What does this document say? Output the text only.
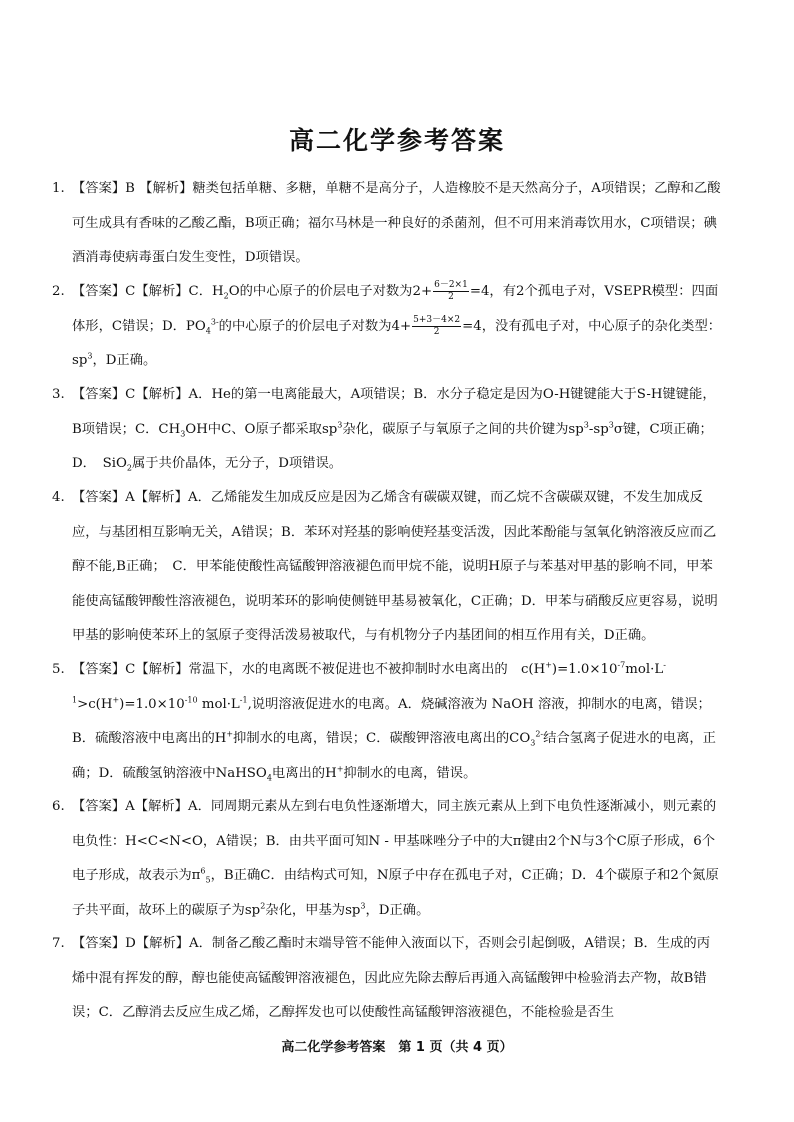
高二化学参考答案
1. 【答案】B 【解析】糖类包括单糖、多糖，单糖不是高分子，人造橡胶不是天然高分子，A项错误；乙醇和乙酸可生成具有香味的乙酸乙酯，B项正确；福尔马林是一种良好的杀菌剂，但不可用来消毒饮用水，C项错误；碘酒消毒使病毒蛋白发生变性，D项错误。
2. 【答案】C【解析】C．$H_2O$的中心原子的价层电子对数为$2+ \frac{6-2\times 1}{2} =4$，有2个孤电子对，VSEPR模型：四面体形，C错误；D．$PO_4^{3-}$的中心原子的价层电子对数为$4+ \frac{5+3-4\times 2}{2} =4$，没有孤电子对，中心原子的杂化类型：$sp^3$，D正确。
3. 【答案】C【解析】A．He的第一电离能最大，A项错误；B．水分子稳定是因为O-H键键能大于S-H键键能，B项错误；C．$CH_3OH$中C、O原子都采取$sp^3$杂化，碳原子与氧原子之间的共价键为$sp^3-sp^3\sigma$键，C项正确；D．　SiO$_2$属于共价晶体，无分子，D项错误。
4. 【答案】A【解析】A．乙烯能发生加成反应是因为乙烯含有碳碳双键，而乙烷不含碳碳双键，不发生加成反应，与基团相互影响无关，A错误；B．苯环对羟基的影响使羟基变活泼，因此苯酚能与氢氧化钠溶液反应而乙醇不能,B正确；　C．甲苯能使酸性高锰酸钾溶液褪色而甲烷不能，说明H原子与苯基对甲基的影响不同，甲苯能使高锰酸钾酸性溶液褪色，说明苯环的影响使侧链甲基易被氧化，C正确；D．甲苯与硝酸反应更容易，说明甲基的影响使苯环上的氢原子变得活泼易被取代，与有机物分子内基团间的相互作用有关，D正确。
5. 【答案】C【解析】常温下，水的电离既不被促进也不被抑制时水电离出的　$c(H^+)=1.0\times 10^{-7}mol\cdot L^{-1}>c(H^+)=1.0\times 10^{-10}$ $mol\cdot L^{-1}$,说明溶液促进水的电离。A．烧碱溶液为 NaOH 溶液，抑制水的电离，错误；B．硫酸溶液中电离出的H+抑制水的电离，错误；C．碳酸钾溶液电离出的$CO_3^{2-}$结合氢离子促进水的电离，正确；D．硫酸氢钠溶液中NaHSO$_4$电离出的H+抑制水的电离，错误。
6. 【答案】A【解析】A．同周期元素从左到右电负性逐渐增大，同主族元素从上到下电负性逐渐减小，则元素的电负性：H<C<N<O，A错误；B．由共平面可知N - 甲基咪唑分子中的大π键由2个N与3个C原子形成，6个电子形成，故表示为$\pi^6_5$，B正确C．由结构式可知，N原子中存在孤电子对，C正确；D．4个碳原子和2个氮原子共平面，故环上的碳原子为$sp^2$杂化，甲基为$sp^3$，D正确。
7. 【答案】D【解析】A．制备乙酸乙酯时末端导管不能伸入液面以下，否则会引起倒吸，A错误；B．生成的丙烯中混有挥发的醇，醇也能使高锰酸钾溶液褪色，因此应先除去醇后再通入高锰酸钾中检验消去产物，故B错误；C．乙醇消去反应生成乙烯，乙醇挥发也可以使酸性高锰酸钾溶液褪色，不能检验是否生
高二化学参考答案　第 1 页（共 4 页）
